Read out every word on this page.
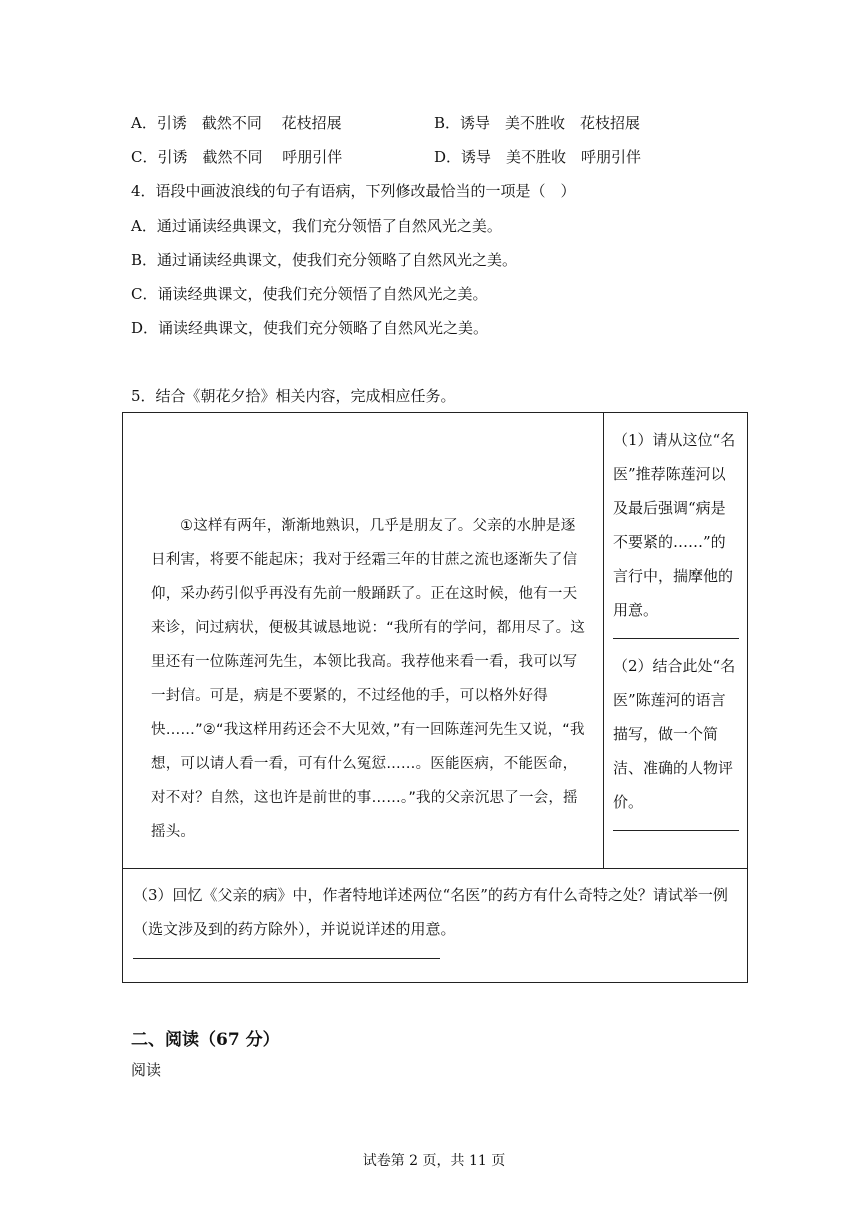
A．引诱　截然不同　 花枝招展	B．诱导　美不胜收　花枝招展
C．引诱　截然不同　 呼朋引伴	D．诱导　美不胜收　呼朋引伴
4．语段中画波浪线的句子有语病，下列修改最恰当的一项是（　）
A．通过诵读经典课文，我们充分领悟了自然风光之美。
B．通过诵读经典课文，使我们充分领略了自然风光之美。
C．诵读经典课文，使我们充分领悟了自然风光之美。
D．诵读经典课文，使我们充分领略了自然风光之美。
5．结合《朝花夕拾》相关内容，完成相应任务。
①这样有两年，渐渐地熟识，几乎是朋友了。父亲的水肿是逐日利害，将要不能起床；我对于经霜三年的甘蔗之流也逐渐失了信仰，采办药引似乎再没有先前一般踊跃了。正在这时候，他有一天来诊，问过病状，便极其诚恳地说：“我所有的学问，都用尽了。这里还有一位陈莲河先生，本领比我高。我荐他来看一看，我可以写一封信。可是，病是不要紧的，不过经他的手，可以格外好得快……”②“我这样用药还会不大见效，”有一回陈莲河先生又说，“我想，可以请人看一看，可有什么冤愆……。医能医病，不能医命，对不对？自然，这也许是前世的事……。”我的父亲沉思了一会，摇摇头。

（1）请从这位“名医”推荐陈莲河以及最后强调“病是不要紧的……”的言行中，揣摩他的用意。
（2）结合此处“名医”陈莲河的语言描写，做一个简洁、准确的人物评价。

（3）回忆《父亲的病》中，作者特地详述两位“名医”的药方有什么奇特之处？请试举一例（选文涉及到的药方除外），并说说详述的用意。
二、阅读（67 分）
阅读
试卷第 2 页，共 11 页
